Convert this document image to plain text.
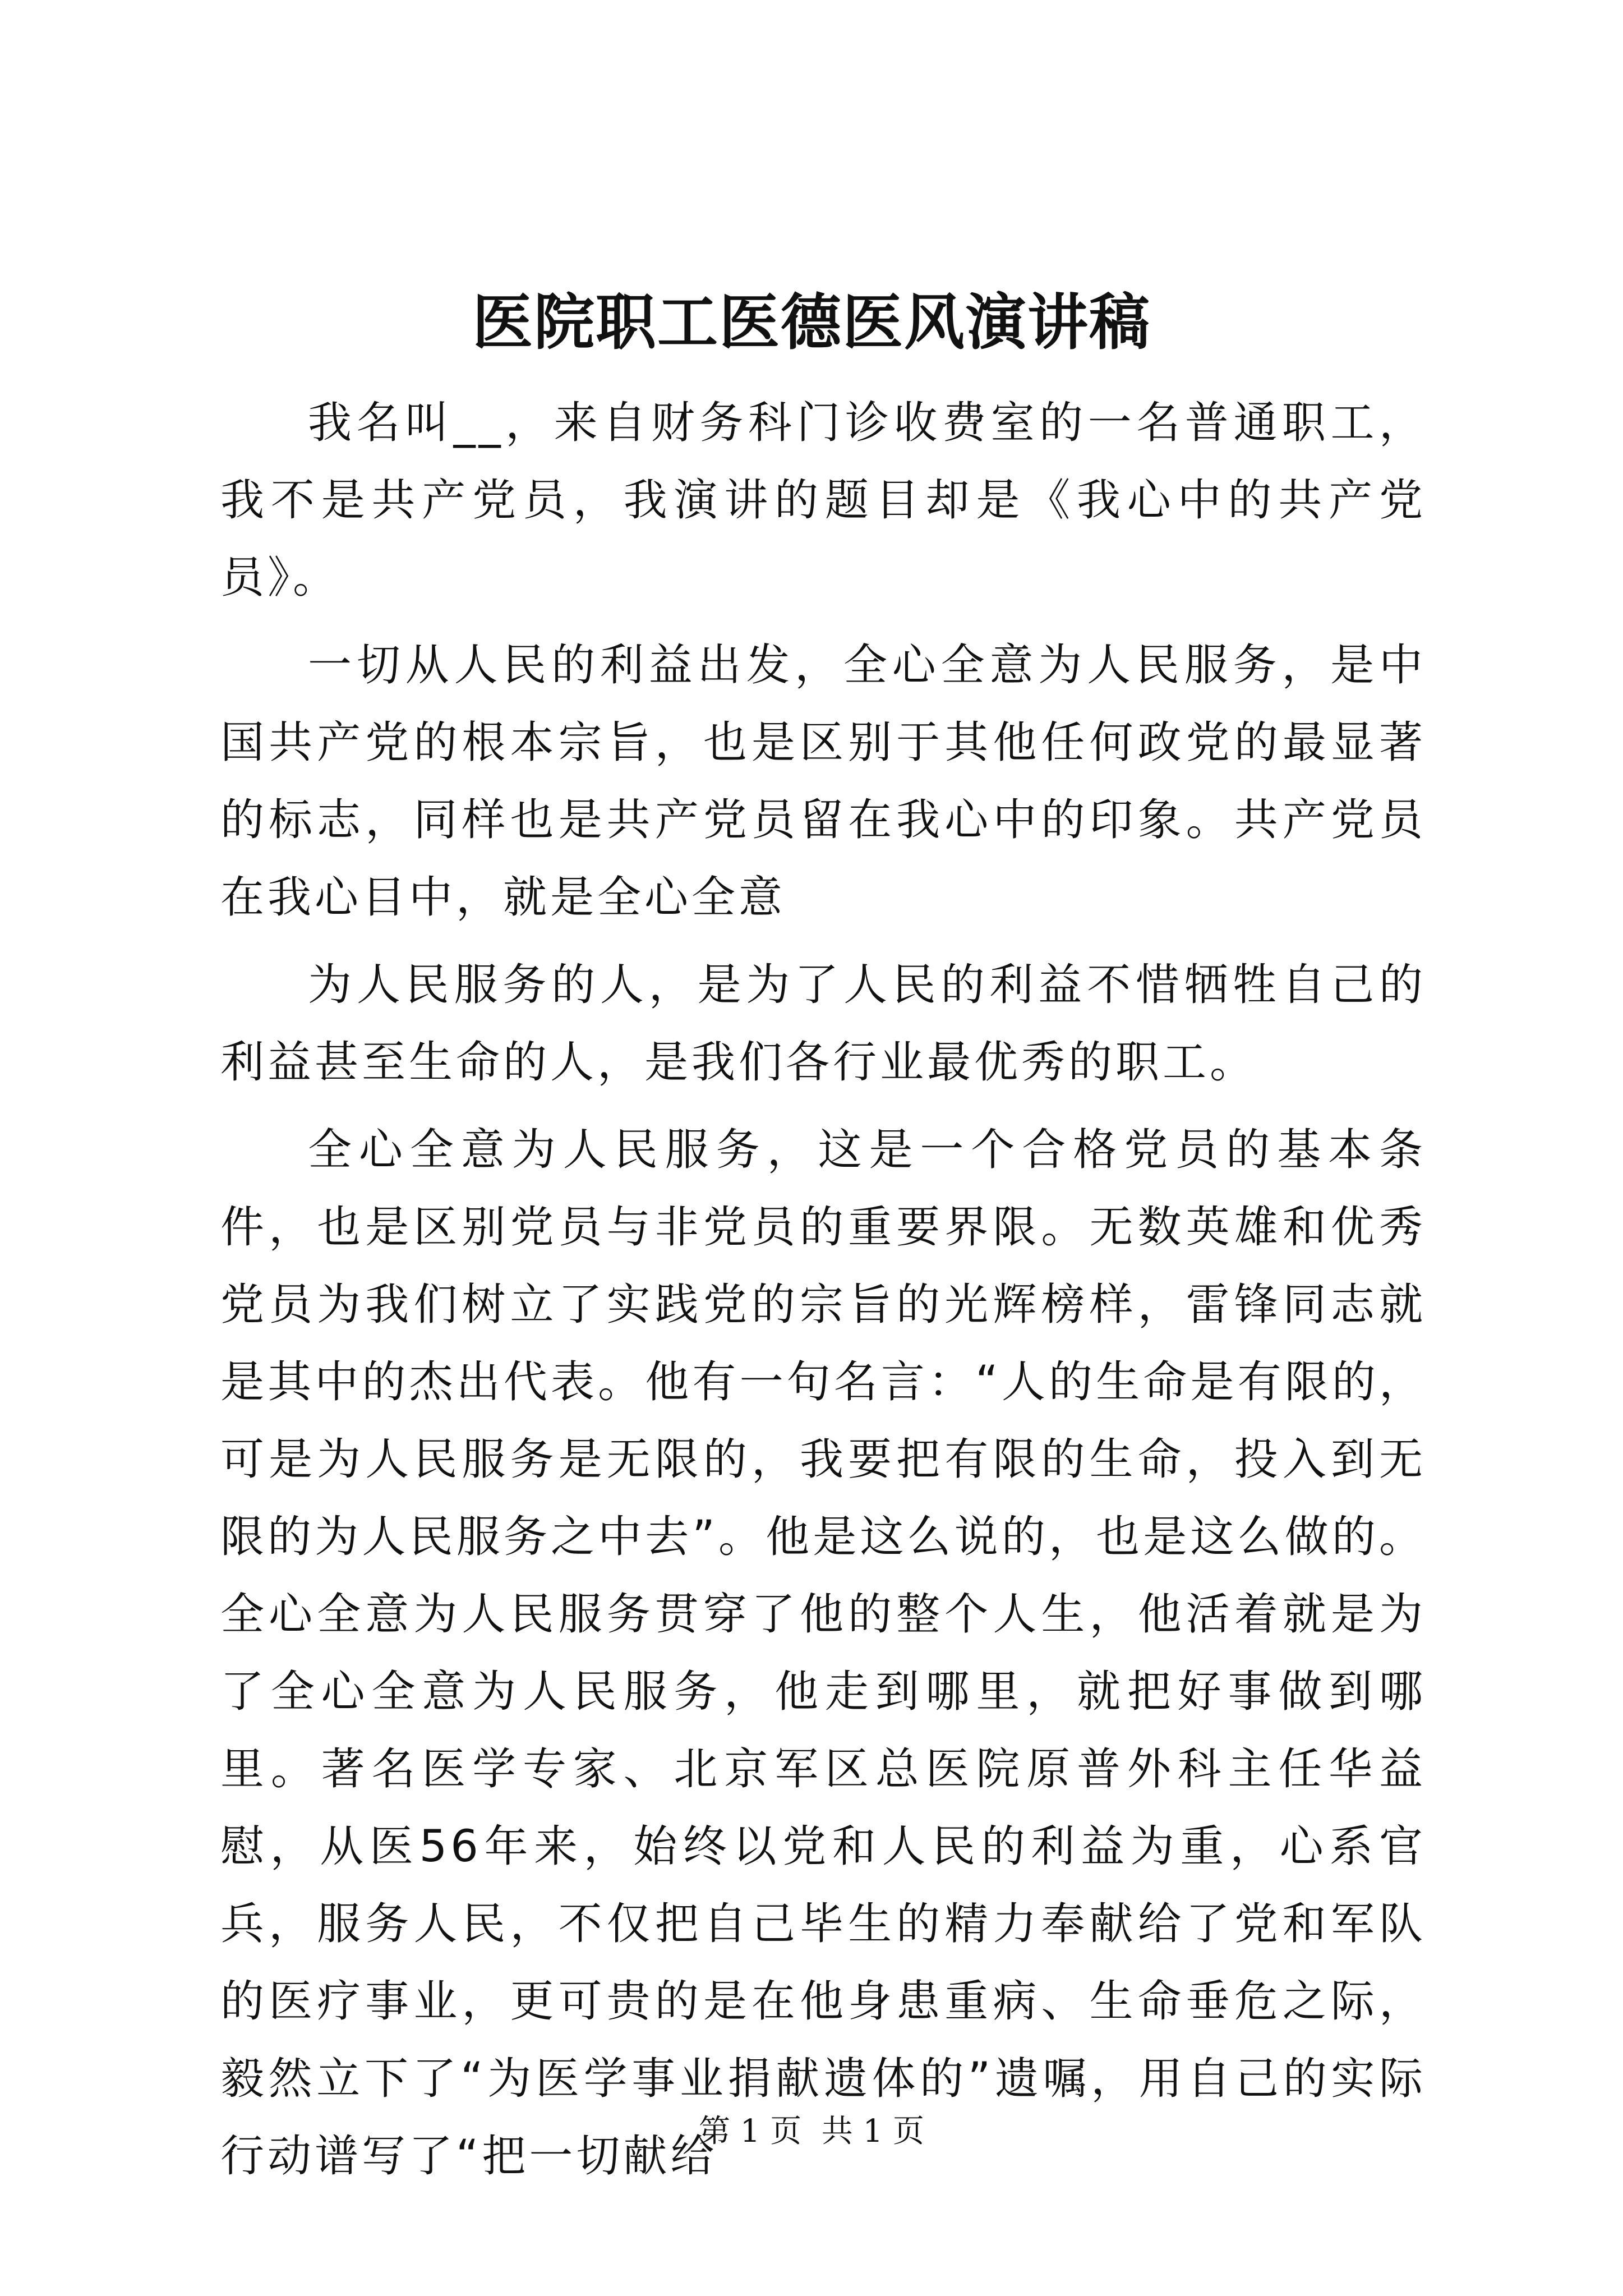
医院职工医德医风演讲稿

我名叫__，来自财务科门诊收费室的一名普通职工，我不是共产党员，我演讲的题目却是《我心中的共产党员》。

一切从人民的利益出发，全心全意为人民服务，是中国共产党的根本宗旨，也是区别于其他任何政党的最显著的标志，同样也是共产党员留在我心中的印象。共产党员在我心目中，就是全心全意

为人民服务的人，是为了人民的利益不惜牺牲自己的利益甚至生命的人，是我们各行业最优秀的职工。

全心全意为人民服务，这是一个合格党员的基本条件，也是区别党员与非党员的重要界限。无数英雄和优秀党员为我们树立了实践党的宗旨的光辉榜样，雷锋同志就是其中的杰出代表。他有一句名言：“人的生命是有限的，可是为人民服务是无限的，我要把有限的生命，投入到无限的为人民服务之中去”。他是这么说的，也是这么做的。全心全意为人民服务贯穿了他的整个人生，他活着就是为了全心全意为人民服务，他走到哪里，就把好事做到哪里。著名医学专家、北京军区总医院原普外科主任华益慰，从医56年来，始终以党和人民的利益为重，心系官兵，服务人民，不仅把自己毕生的精力奉献给了党和军队的医疗事业，更可贵的是在他身患重病、生命垂危之际，毅然立下了“为医学事业捐献遗体的”遗嘱，用自己的实际行动谱写了“把一切献给

第 1 页  共 1 页
